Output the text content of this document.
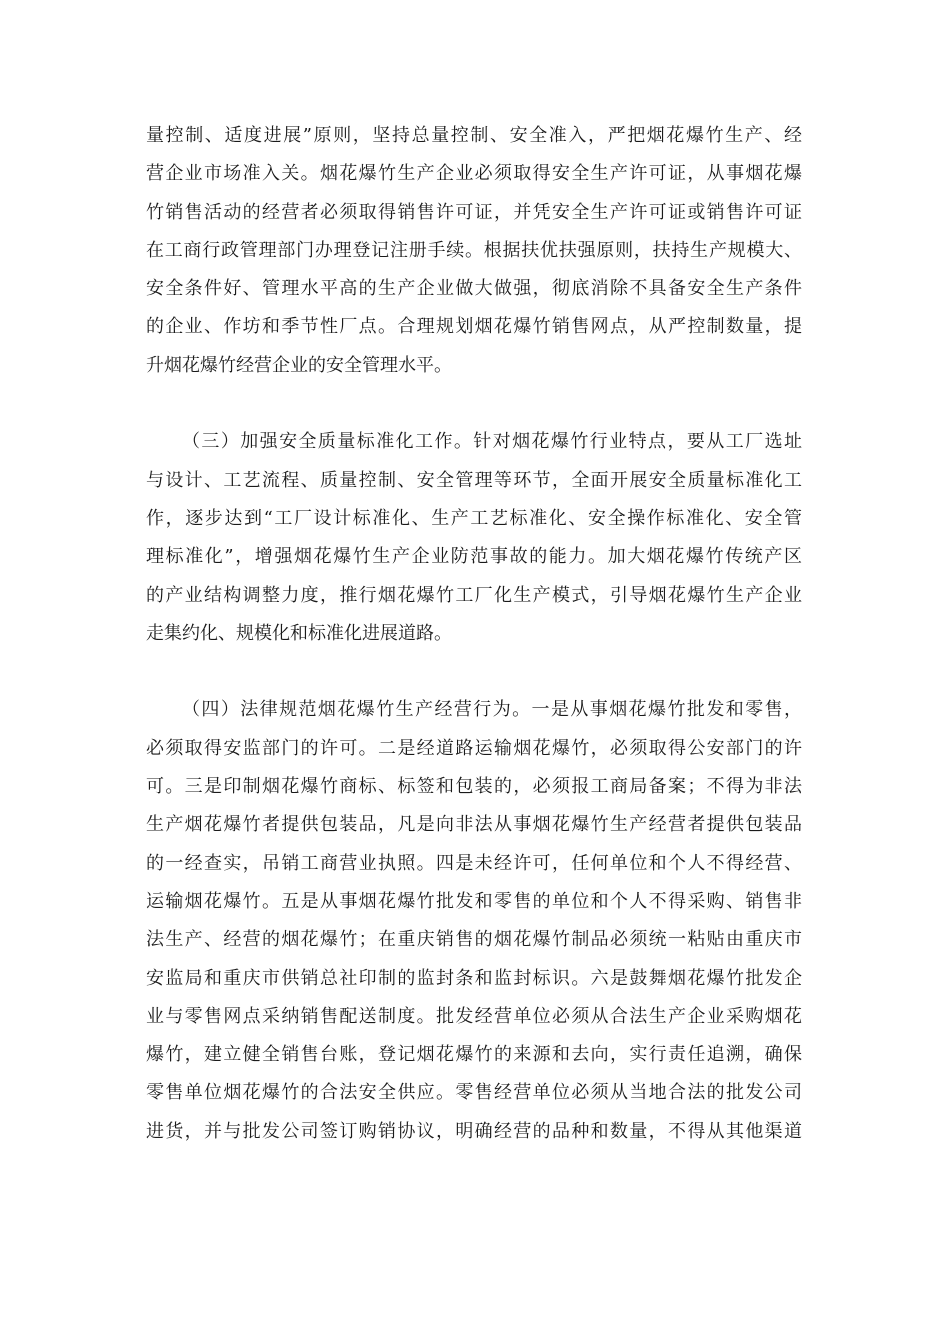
量控制、适度进展”原则，坚持总量控制、安全准入，严把烟花爆竹生产、经
营企业市场准入关。烟花爆竹生产企业必须取得安全生产许可证，从事烟花爆
竹销售活动的经营者必须取得销售许可证，并凭安全生产许可证或销售许可证
在工商行政管理部门办理登记注册手续。根据扶优扶强原则，扶持生产规模大、
安全条件好、管理水平高的生产企业做大做强，彻底消除不具备安全生产条件
的企业、作坊和季节性厂点。合理规划烟花爆竹销售网点，从严控制数量，提
升烟花爆竹经营企业的安全管理水平。
（三）加强安全质量标准化工作。针对烟花爆竹行业特点，要从工厂选址
与设计、工艺流程、质量控制、安全管理等环节，全面开展安全质量标准化工
作，逐步达到“工厂设计标准化、生产工艺标准化、安全操作标准化、安全管
理标准化”，增强烟花爆竹生产企业防范事故的能力。加大烟花爆竹传统产区
的产业结构调整力度，推行烟花爆竹工厂化生产模式，引导烟花爆竹生产企业
走集约化、规模化和标准化进展道路。
（四）法律规范烟花爆竹生产经营行为。一是从事烟花爆竹批发和零售，
必须取得安监部门的许可。二是经道路运输烟花爆竹，必须取得公安部门的许
可。三是印制烟花爆竹商标、标签和包装的，必须报工商局备案；不得为非法
生产烟花爆竹者提供包装品，凡是向非法从事烟花爆竹生产经营者提供包装品
的一经查实，吊销工商营业执照。四是未经许可，任何单位和个人不得经营、
运输烟花爆竹。五是从事烟花爆竹批发和零售的单位和个人不得采购、销售非
法生产、经营的烟花爆竹；在重庆销售的烟花爆竹制品必须统一粘贴由重庆市
安监局和重庆市供销总社印制的监封条和监封标识。六是鼓舞烟花爆竹批发企
业与零售网点采纳销售配送制度。批发经营单位必须从合法生产企业采购烟花
爆竹，建立健全销售台账，登记烟花爆竹的来源和去向，实行责任追溯，确保
零售单位烟花爆竹的合法安全供应。零售经营单位必须从当地合法的批发公司
进货，并与批发公司签订购销协议，明确经营的品种和数量，不得从其他渠道
